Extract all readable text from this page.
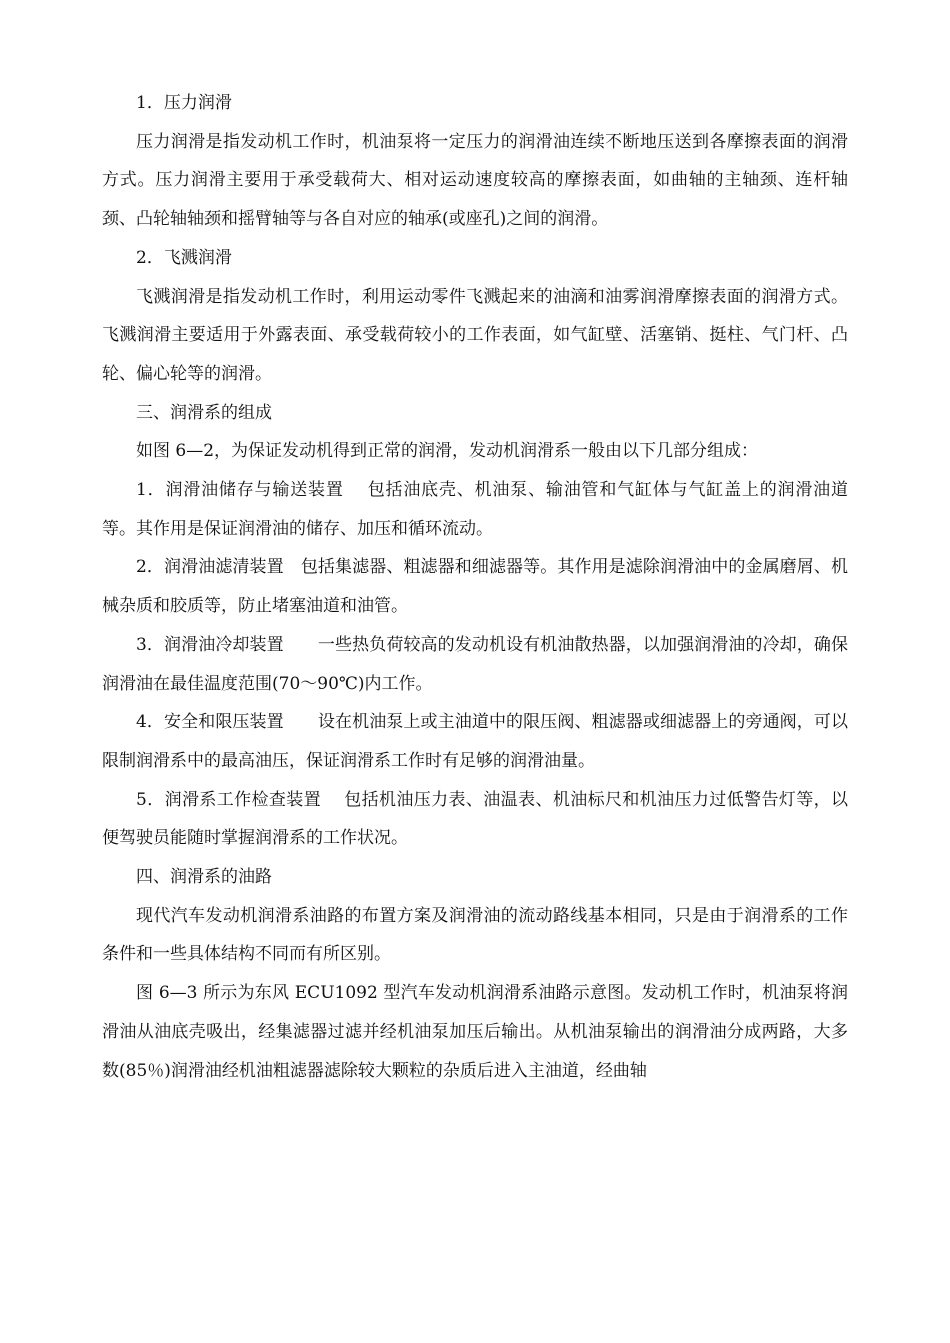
1．压力润滑

压力润滑是指发动机工作时，机油泵将一定压力的润滑油连续不断地压送到各摩擦表面的润滑方式。压力润滑主要用于承受载荷大、相对运动速度较高的摩擦表面，如曲轴的主轴颈、连杆轴颈、凸轮轴轴颈和摇臂轴等与各自对应的轴承(或座孔)之间的润滑。

2．飞溅润滑

飞溅润滑是指发动机工作时，利用运动零件飞溅起来的油滴和油雾润滑摩擦表面的润滑方式。飞溅润滑主要适用于外露表面、承受载荷较小的工作表面，如气缸壁、活塞销、挺柱、气门杆、凸轮、偏心轮等的润滑。

三、润滑系的组成

如图 6—2，为保证发动机得到正常的润滑，发动机润滑系一般由以下几部分组成：

1．润滑油储存与输送装置　 包括油底壳、机油泵、输油管和气缸体与气缸盖上的润滑油道等。其作用是保证润滑油的储存、加压和循环流动。

2．润滑油滤清装置　包括集滤器、粗滤器和细滤器等。其作用是滤除润滑油中的金属磨屑、机械杂质和胶质等，防止堵塞油道和油管。

3．润滑油冷却装置　　一些热负荷较高的发动机设有机油散热器，以加强润滑油的冷却，确保润滑油在最佳温度范围(70～90℃)内工作。

4．安全和限压装置　　设在机油泵上或主油道中的限压阀、粗滤器或细滤器上的旁通阀，可以限制润滑系中的最高油压，保证润滑系工作时有足够的润滑油量。

5．润滑系工作检查装置　 包括机油压力表、油温表、机油标尺和机油压力过低警告灯等，以便驾驶员能随时掌握润滑系的工作状况。

四、润滑系的油路

现代汽车发动机润滑系油路的布置方案及润滑油的流动路线基本相同，只是由于润滑系的工作条件和一些具体结构不同而有所区别。

图 6—3 所示为东风 ECU1092 型汽车发动机润滑系油路示意图。发动机工作时，机油泵将润滑油从油底壳吸出，经集滤器过滤并经机油泵加压后输出。从机油泵输出的润滑油分成两路，大多数(85％)润滑油经机油粗滤器滤除较大颗粒的杂质后进入主油道，经曲轴
